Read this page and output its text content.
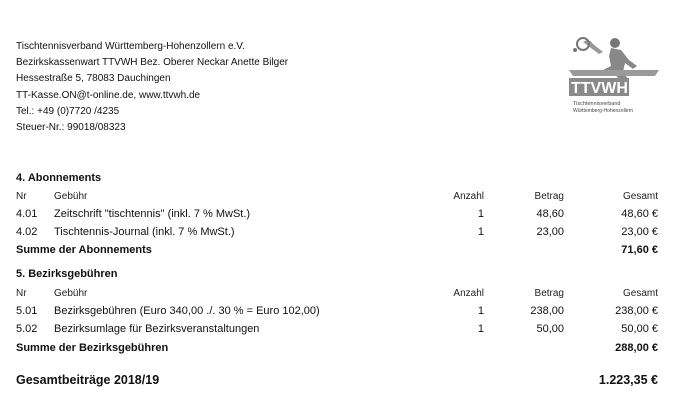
Tischtennisverband Württemberg-Hohenzollern e.V.
Bezirkskassenwart TTVWH Bez. Oberer Neckar Anette Bilger
Hessestraße 5, 78083 Dauchingen
TT-Kasse.ON@t-online.de, www.ttvwh.de
Tel.: +49 (0)7720 /4235
Steuer-Nr.: 99018/08323
TTVWH
Tischtennisverband
Württemberg-Hohenzollern
4. Abonnements
Nr	Gebühr	Anzahl	Betrag	Gesamt
4.01 Zeitschrift "tischtennis" (inkl. 7 % MwSt.)	1	48,60	48,60 €
4.02 Tischtennis-Journal (inkl. 7 % MwSt.)	1	23,00	23,00 €
Summe der Abonnements	71,60 €
5. Bezirksgebühren
Nr	Gebühr	Anzahl	Betrag	Gesamt
5.01 Bezirksgebühren (Euro 340,00 ./. 30 % = Euro 102,00)	1	238,00	238,00 €
5.02 Bezirksumlage für Bezirksveranstaltungen	1	50,00	50,00 €
Summe der Bezirksgebühren	288,00 €
Gesamtbeiträge 2018/19	1.223,35 €
